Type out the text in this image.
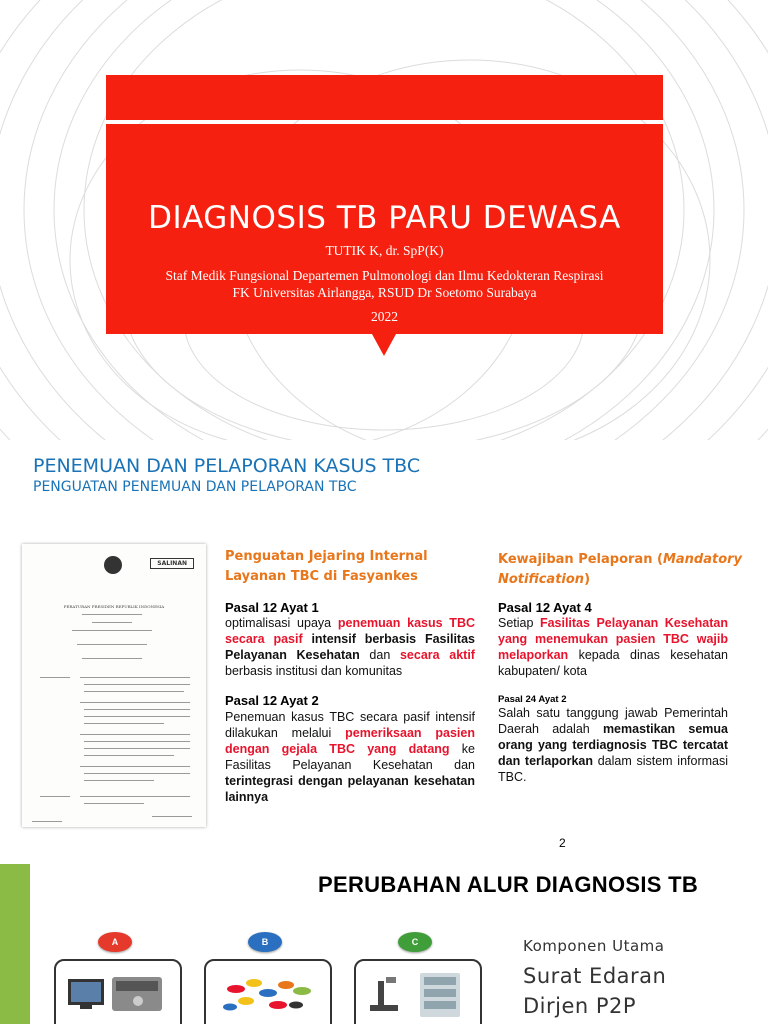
DIAGNOSIS TB PARU DEWASA
TUTIK K, dr. SpP(K)
Staf Medik Fungsional Departemen Pulmonologi dan Ilmu Kedokteran Respirasi
FK Universitas Airlangga, RSUD Dr Soetomo Surabaya
2022
PENEMUAN DAN PELAPORAN KASUS TBC
PENGUATAN PENEMUAN DAN PELAPORAN TBC
SALINAN
PERATURAN PRESIDEN REPUBLIK INDONESIA
Penguatan Jejaring Internal Layanan TBC di Fasyankes
Pasal 12 Ayat 1
optimalisasi upaya penemuan kasus TBC secara pasif intensif berbasis Fasilitas Pelayanan Kesehatan dan secara aktif berbasis institusi dan komunitas
Pasal 12 Ayat 2
Penemuan kasus TBC secara pasif intensif dilakukan melalui pemeriksaan pasien dengan gejala TBC yang datang ke Fasilitas Pelayanan Kesehatan dan terintegrasi dengan pelayanan kesehatan lainnya
Kewajiban Pelaporan (Mandatory Notification)
Pasal 12 Ayat 4
Setiap Fasilitas Pelayanan Kesehatan yang menemukan pasien TBC wajib melaporkan kepada dinas kesehatan kabupaten/ kota
Pasal 24 Ayat 2
Salah satu tanggung jawab Pemerintah Daerah adalah memastikan semua orang yang terdiagnosis TBC tercatat dan terlaporkan dalam sistem informasi TBC.
2
PERUBAHAN ALUR DIAGNOSIS TB
A	B	C	Komponen Utama
Surat Edaran
Dirjen P2P
